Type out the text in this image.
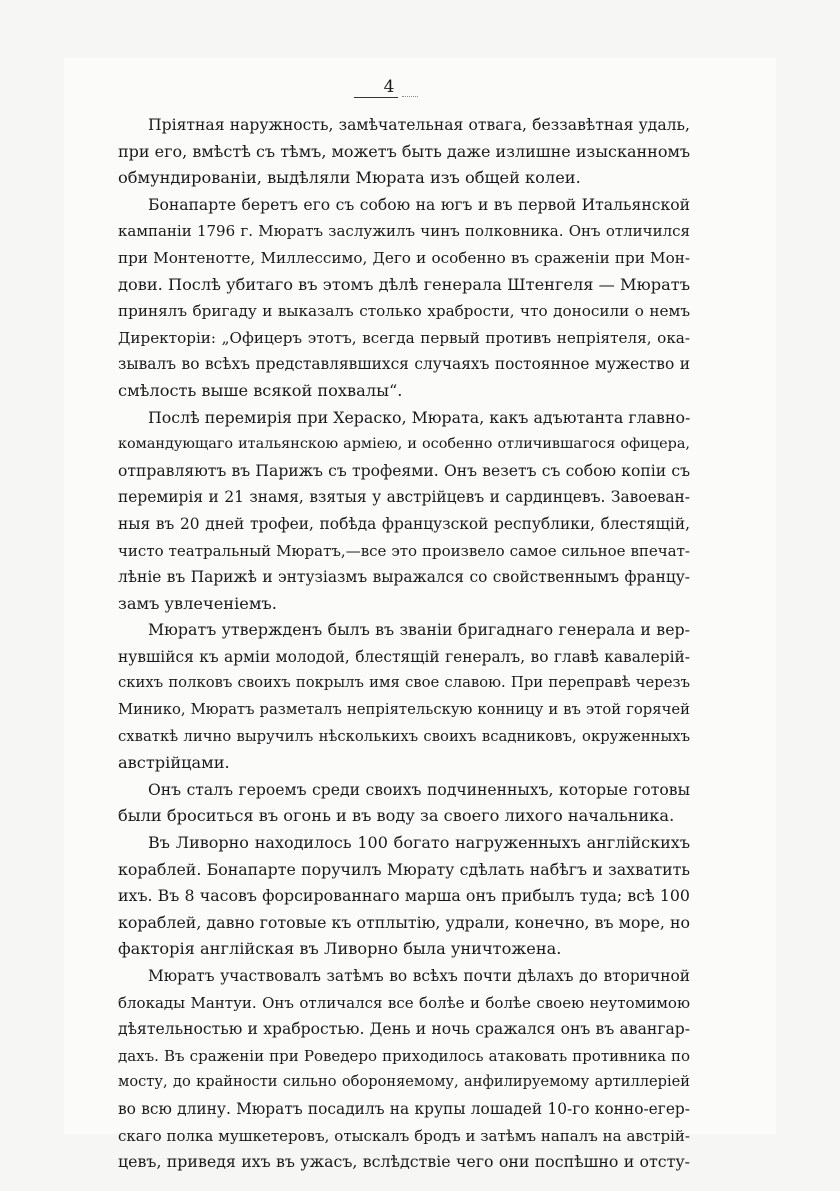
4
Пріятная наружность, замѣчательная отвага, беззавѣтная удаль,
при его, вмѣстѣ съ тѣмъ, можетъ быть даже излишне изысканномъ
обмундированіи, выдѣляли Мюрата изъ общей колеи.
Бонапарте беретъ его съ собою на югъ и въ первой Итальянской
кампаніи 1796 г. Мюратъ заслужилъ чинъ полковника. Онъ отличился
при Монтенотте, Миллессимо, Дего и особенно въ сраженіи при Мон-
дови. Послѣ убитаго въ этомъ дѣлѣ генерала Штенгеля — Мюратъ
принялъ бригаду и выказалъ столько храбрости, что доносили о немъ
Директоріи: „Офицеръ этотъ, всегда первый противъ непріятеля, ока-
зывалъ во всѣхъ представлявшихся случаяхъ постоянное мужество и
смѣлость выше всякой похвалы“.
Послѣ перемирія при Хераско, Мюрата, какъ адъютанта главно-
командующаго итальянскою арміею, и особенно отличившагося офицера,
отправляютъ въ Парижъ съ трофеями. Онъ везетъ съ собою копіи съ
перемирія и 21 знамя, взятыя у австрійцевъ и сардинцевъ. Завоеван-
ныя въ 20 дней трофеи, побѣда французской республики, блестящій,
чисто театральный Мюратъ,—все это произвело самое сильное впечат-
лѣніе въ Парижѣ и энтузіазмъ выражался со свойственнымъ францу-
замъ увлеченіемъ.
Мюратъ утвержденъ былъ въ званіи бригаднаго генерала и вер-
нувшійся къ арміи молодой, блестящій генералъ, во главѣ кавалерій-
скихъ полковъ своихъ покрылъ имя свое славою. При переправѣ черезъ
Минико, Мюратъ разметалъ непріятельскую конницу и въ этой горячей
схваткѣ лично выручилъ нѣсколькихъ своихъ всадниковъ, окруженныхъ
австрійцами.
Онъ сталъ героемъ среди своихъ подчиненныхъ, которые готовы
были броситься въ огонь и въ воду за своего лихого начальника.
Въ Ливорно находилось 100 богато нагруженныхъ англійскихъ
кораблей. Бонапарте поручилъ Мюрату сдѣлать набѣгъ и захватить
ихъ. Въ 8 часовъ форсированнаго марша онъ прибылъ туда; всѣ 100
кораблей, давно готовые къ отплытію, удрали, конечно, въ море, но
факторія англійская въ Ливорно была уничтожена.
Мюратъ участвовалъ затѣмъ во всѣхъ почти дѣлахъ до вторичной
блокады Мантуи. Онъ отличался все болѣе и болѣе своею неутомимою
дѣятельностью и храбростью. День и ночь сражался онъ въ авангар-
дахъ. Въ сраженіи при Роведеро приходилось атаковать противника по
мосту, до крайности сильно обороняемому, анфилируемому артиллеріей
во всю длину. Мюратъ посадилъ на крупы лошадей 10-го конно-егер-
скаго полка мушкетеровъ, отыскалъ бродъ и затѣмъ напалъ на австрій-
цевъ, приведя ихъ въ ужасъ, вслѣдствіе чего они поспѣшно и отсту-
